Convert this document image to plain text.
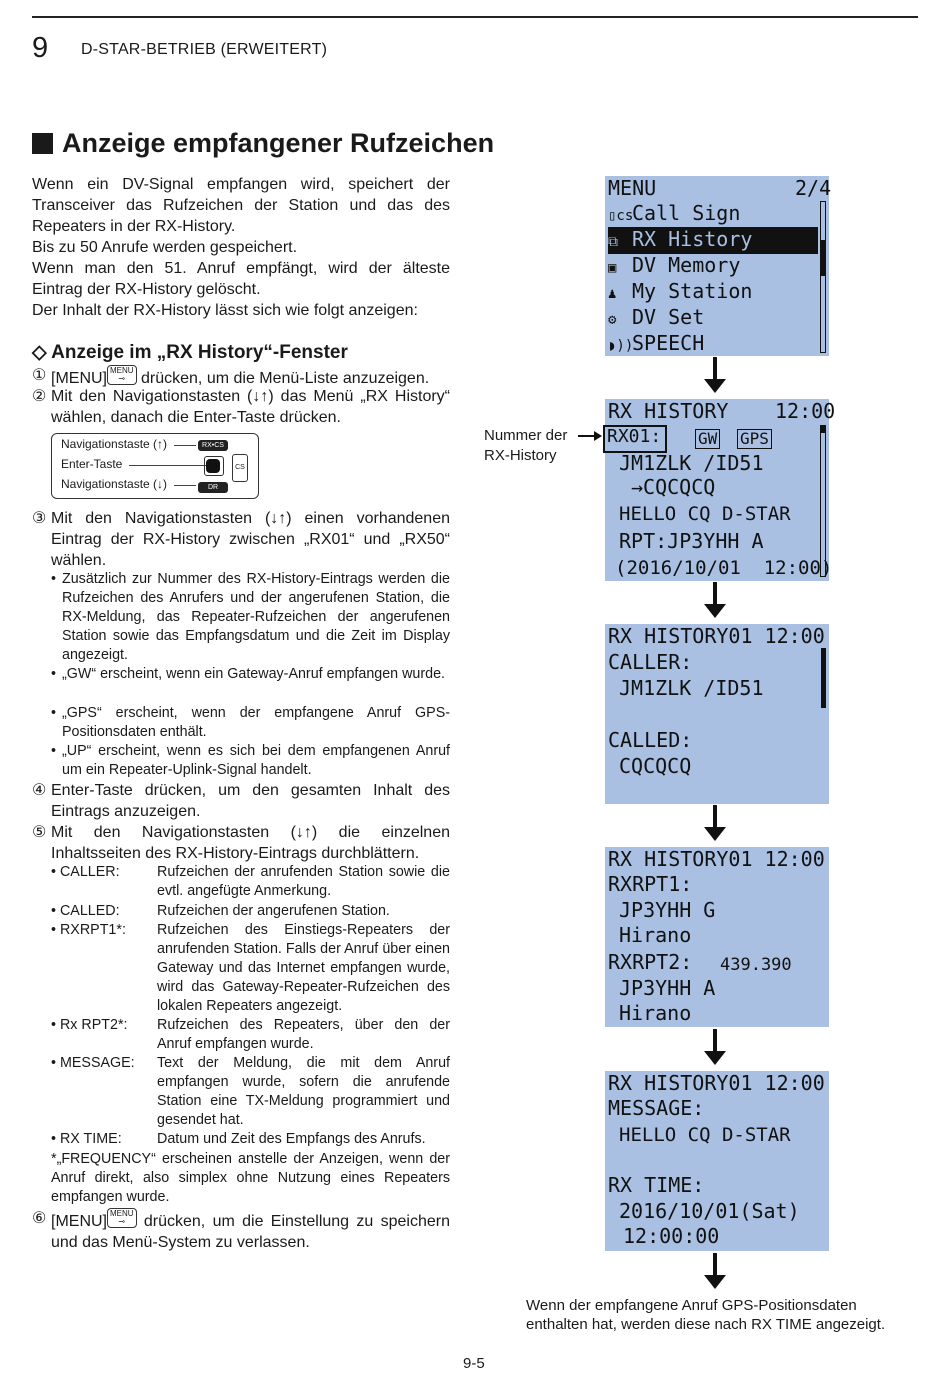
9 D-STAR-BETRIEB (ERWEITERT)
Anzeige empfangener Rufzeichen

Wenn ein DV-Signal empfangen wird, speichert der Transceiver das Rufzeichen der Station und das des Repeaters in der RX-History.

Bis zu 50 Anrufe werden gespeichert.

Wenn man den 51. Anruf empfängt, wird der älteste Eintrag der RX-History gelöscht.

Der Inhalt der RX-History lässt sich wie folgt anzeigen:

◇ Anzeige im „RX History“-Fenster
① [MENU] MENU
⊸ drücken, um die Menü-Liste anzuzeigen.
② Mit den Navigationstasten (↓↑) das Menü „RX History“ wählen, danach die Enter-Taste drücken.
Navigationstaste (↑)
Enter-Taste
Navigationstaste (↓)
RX•CS
CS
DR
③ Mit den Navigationstasten (↓↑) einen vorhandenen Eintrag der RX-History zwischen „RX01“ und „RX50“ wählen.
• Zusätzlich zur Nummer des RX-History-Eintrags werden die Rufzeichen des Anrufers und der angerufenen Station, die RX-Meldung, das Repeater-Rufzeichen der angerufenen Station sowie das Empfangsdatum und die Zeit im Display angezeigt.
• „GW“ erscheint, wenn ein Gateway-Anruf empfangen wurde.
• „GPS“ erscheint, wenn der empfangene Anruf GPS-Positionsdaten enthält.
• „UP“ erscheint, wenn es sich bei dem empfangenen Anruf um ein Repeater-Uplink-Signal handelt.
④ Enter-Taste drücken, um den gesamten Inhalt des Eintrags anzuzeigen.
⑤ Mit den Navigationstasten (↓↑) die einzelnen Inhaltsseiten des RX-History-Eintrags durchblättern.
• CALLER:	Rufzeichen der anrufenden Station sowie die evtl. angefügte Anmerkung.
• CALLED:	Rufzeichen der angerufenen Station.
• RXRPT1*: Rufzeichen des Einstiegs-Repeaters der anrufenden Station. Falls der Anruf über einen Gateway und das Internet empfangen wurde, wird das Gateway-Repeater-Rufzeichen des lokalen Repeaters angezeigt.
• Rx RPT2*: Rufzeichen des Repeaters, über den der Anruf empfangen wurde.
• MESSAGE: Text der Meldung, die mit dem Anruf empfangen wurde, sofern die anrufende Station eine TX-Meldung programmiert und gesendet hat.
• RX TIME: Datum und Zeit des Empfangs des Anrufs.
*„FREQUENCY“ erscheinen anstelle der Anzeigen, wenn der Anruf direkt, also simplex ohne Nutzung eines Repeaters empfangen wurde.
⑥ [MENU] MENU
⊸ drücken, um die Einstellung zu speichern und das Menü-System zu verlassen.
MENU	2/4
▯csCall Sign
⧉ RX History
▣ DV Memory
♟ My Station
⚙ DV Set
◗))SPEECH
RX HISTORY 12:00
RX01: GW GPS
JM1ZLK /ID51
→CQCQCQ
HELLO CQ D-STAR
RPT:JP3YHH A
(2016/10/01  12:00)
Nummer der
RX-History
RX HISTORY01 12:00
CALLER:
JM1ZLK /ID51
CALLED:
CQCQCQ
RX HISTORY01 12:00
RXRPT1:
JP3YHH G
Hirano
RXRPT2: 439.390
JP3YHH A
Hirano
RX HISTORY01 12:00
MESSAGE:
HELLO CQ D-STAR
RX TIME:
2016/10/01(Sat)
12:00:00
Wenn der empfangene Anruf GPS-Positionsdaten
enthalten hat, werden diese nach RX TIME angezeigt.
9-5
